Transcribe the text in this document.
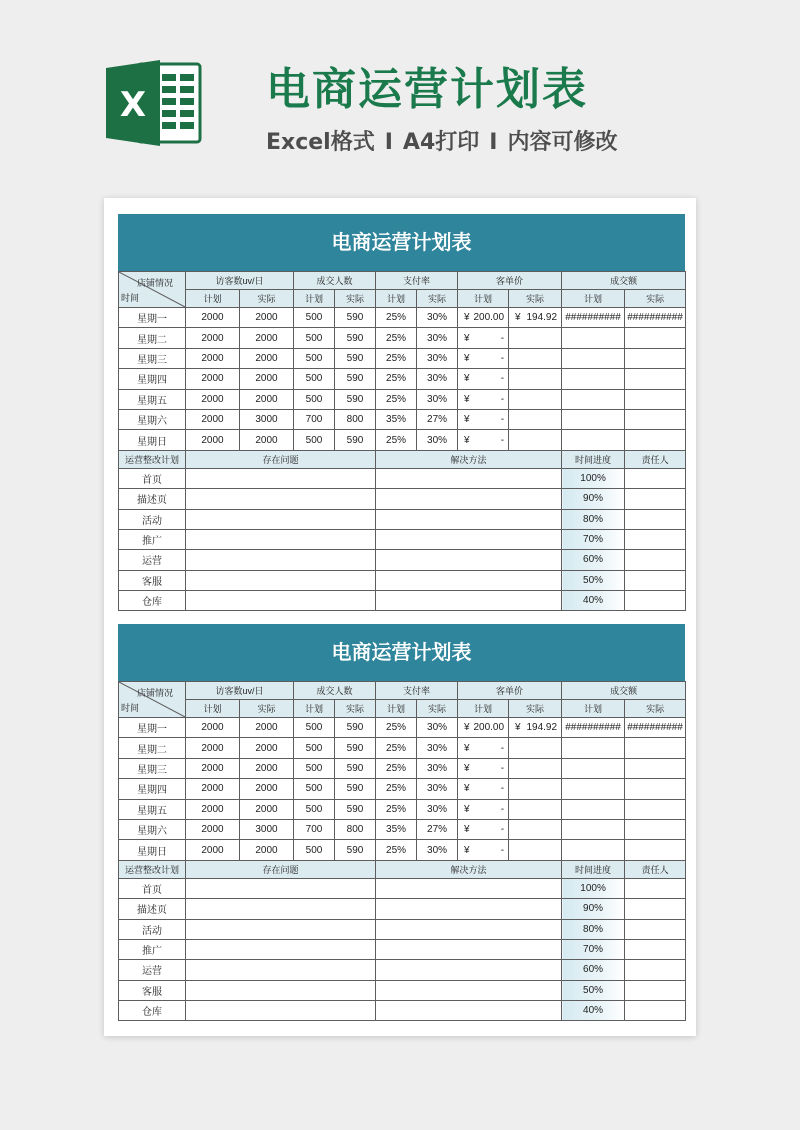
X	电商运营计划表
Excel格式 I A4打印 I 内容可修改
电商运营计划表
店铺情况
时间	访客数uv/日		成交人数		支付率		客单价		成交额	
	计划	实际	计划	实际	计划	实际	计划	实际	计划	实际
星期一	2000	2000	500	590	25%	30%	¥ 200.00	¥ 194.92	##########	##########
星期二	2000	2000	500	590	25%	30%	¥ -			

星期三	2000	2000	500	590	25%	30%	¥ -			

星期四	2000	2000	500	590	25%	30%	¥ -			

星期五	2000	2000	500	590	25%	30%	¥ -			

星期六	2000	3000	700	800	35%	27%	¥ -			

星期日	2000	2000	500	590	25%	30%	¥ -			

运营整改计划	存在问题				解决方法				时间进度	责任人
首页									100%	
描述页									90%	
活动									80%	
推广									70%	
运营									60%	
客服									50%	
仓库									40%	
电商运营计划表
店铺情况
时间	访客数uv/日		成交人数		支付率		客单价		成交额	
	计划	实际	计划	实际	计划	实际	计划	实际	计划	实际
星期一	2000	2000	500	590	25%	30%	¥ 200.00	¥ 194.92	##########	##########
星期二	2000	2000	500	590	25%	30%	¥ -			

星期三	2000	2000	500	590	25%	30%	¥ -			

星期四	2000	2000	500	590	25%	30%	¥ -			

星期五	2000	2000	500	590	25%	30%	¥ -			

星期六	2000	3000	700	800	35%	27%	¥ -			

星期日	2000	2000	500	590	25%	30%	¥ -			

运营整改计划	存在问题				解决方法				时间进度	责任人
首页									100%	
描述页									90%	
活动									80%	
推广									70%	
运营									60%	
客服									50%	
仓库									40%	
